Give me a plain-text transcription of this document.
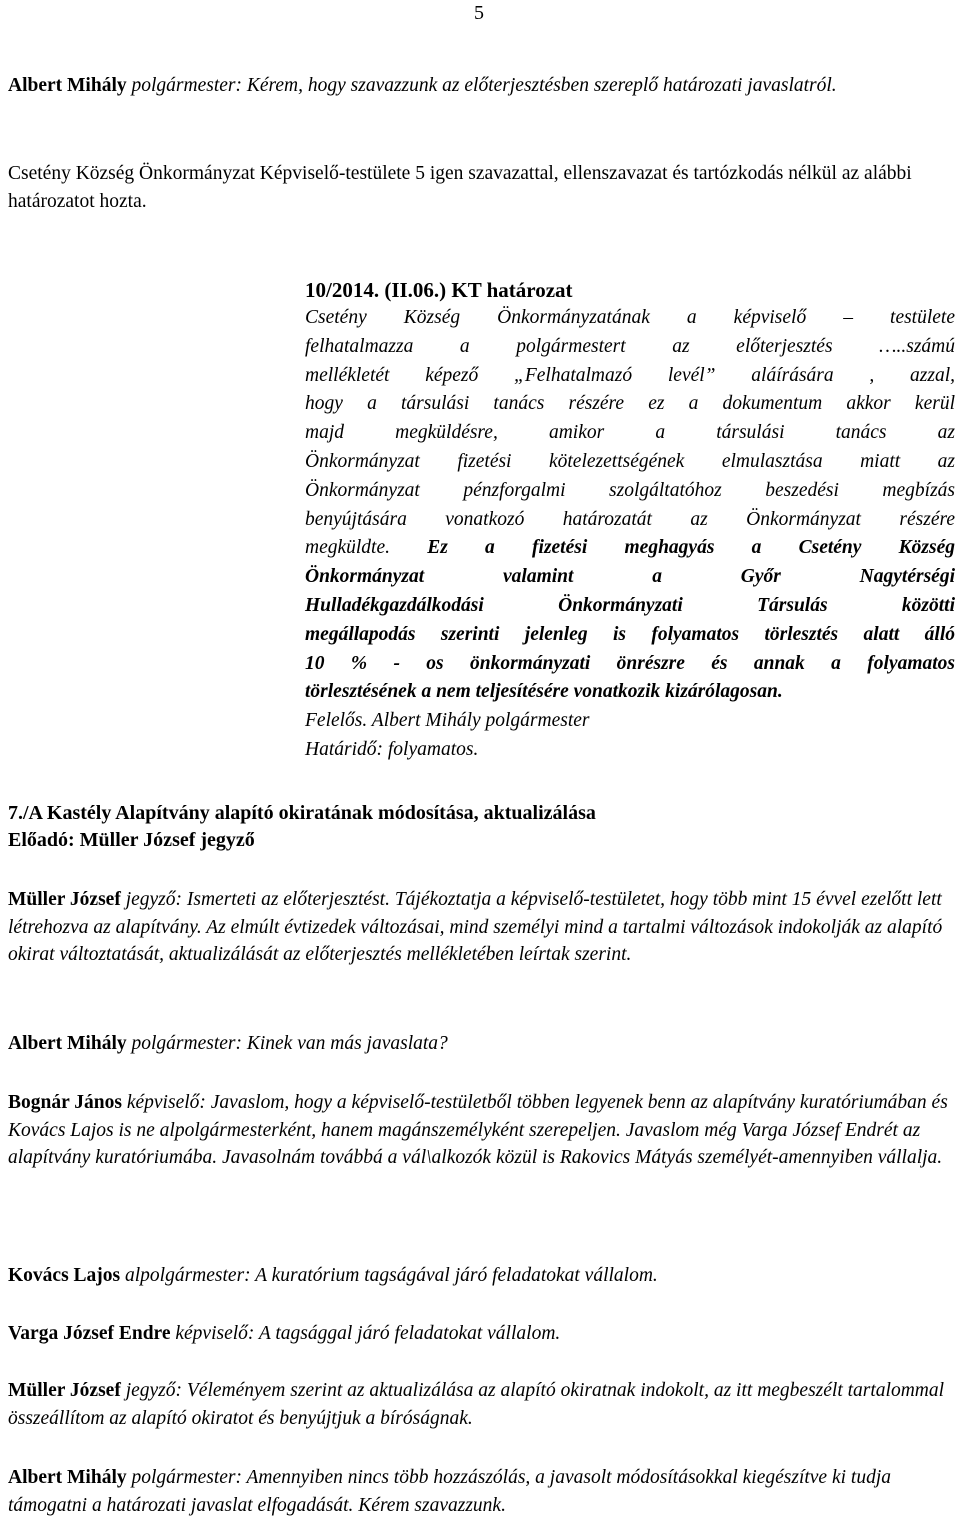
5
Albert Mihály polgármester: Kérem, hogy szavazzunk az előterjesztésben szereplő határozati javaslatról.
Csetény Község Önkormányzat Képviselő-testülete 5 igen szavazattal, ellenszavazat és tartózkodás nélkül az alábbi határozatot hozta.
10/2014. (II.06.) KT határozat
Csetény Község Önkormányzatának a képviselő – testülete
felhatalmazza a polgármestert az előterjesztés …..számú
mellékletét képező „Felhatalmazó levél” aláírására , azzal,
hogy a társulási tanács részére ez a dokumentum akkor kerül
majd megküldésre, amikor a társulási tanács az
Önkormányzat fizetési kötelezettségének elmulasztása miatt az
Önkormányzat pénzforgalmi szolgáltatóhoz beszedési megbízás
benyújtására vonatkozó határozatát az Önkormányzat részére
megküldte. Ez a fizetési meghagyás a Csetény Község
Önkormányzat valamint a Győr Nagytérségi
Hulladékgazdálkodási Önkormányzati Társulás közötti
megállapodás szerinti jelenleg is folyamatos törlesztés alatt álló
10 % - os önkormányzati önrészre és annak a folyamatos
törlesztésének a nem teljesítésére vonatkozik kizárólagosan.
Felelős. Albert Mihály polgármester
Határidő: folyamatos.
7./A Kastély Alapítvány alapító okiratának módosítása, aktualizálása
Előadó: Müller József jegyző
Müller József jegyző: Ismerteti az előterjesztést. Tájékoztatja a képviselő-testületet, hogy több mint 15 évvel ezelőtt lett létrehozva az alapítvány. Az elmúlt évtizedek változásai, mind személyi mind a tartalmi változások indokolják az alapító okirat változtatását, aktualizálását az előterjesztés mellékletében leírtak szerint.
Albert Mihály polgármester: Kinek van más javaslata?
Bognár János képviselő: Javaslom, hogy a képviselő-testületből többen legyenek benn az alapítvány kuratóriumában és Kovács Lajos is ne alpolgármesterként, hanem magánszemélyként szerepeljen. Javaslom még Varga József Endrét az alapítvány kuratóriumába. Javasolnám továbbá a vál\alkozók közül is Rakovics Mátyás személyét-amennyiben vállalja.
Kovács Lajos alpolgármester: A kuratórium tagságával járó feladatokat vállalom.
Varga József Endre képviselő: A tagsággal járó feladatokat vállalom.
Müller József jegyző: Véleményem szerint az aktualizálása az alapító okiratnak indokolt, az itt megbeszélt tartalommal összeállítom az alapító okiratot és benyújtjuk a bíróságnak.
Albert Mihály polgármester: Amennyiben nincs több hozzászólás, a javasolt módosításokkal kiegészítve ki tudja támogatni a határozati javaslat elfogadását. Kérem szavazzunk.
